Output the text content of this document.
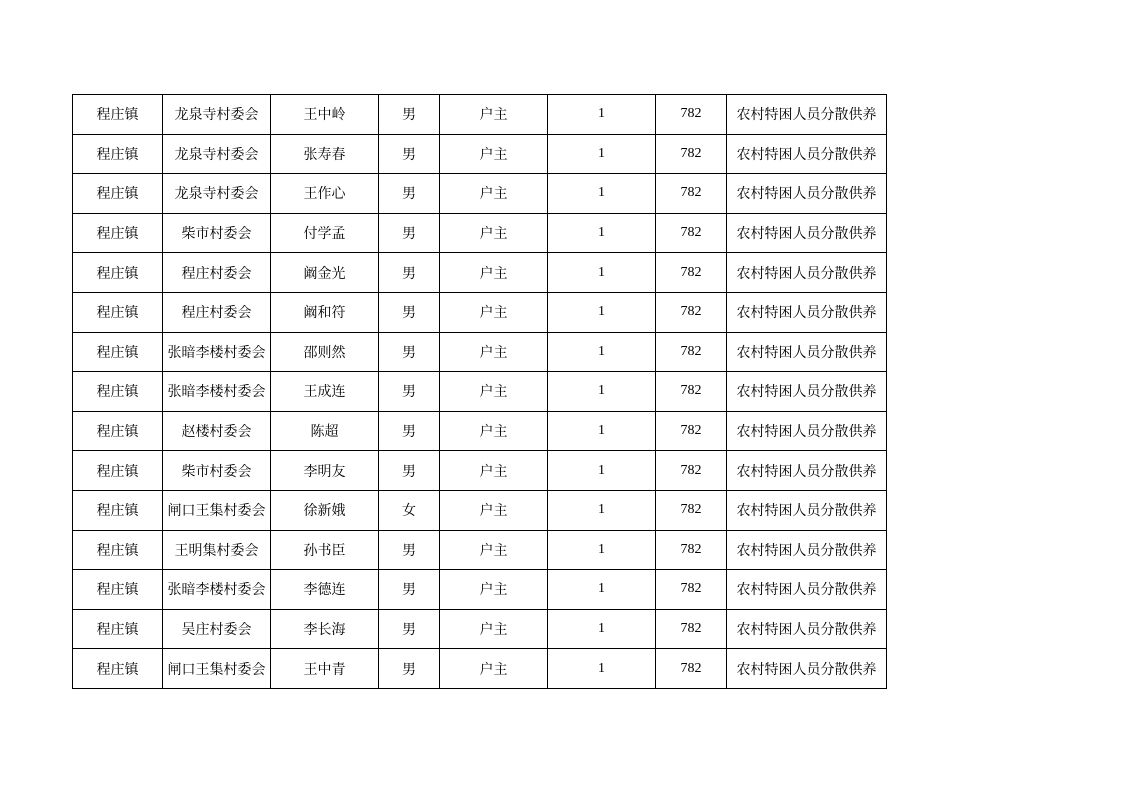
程庄镇	龙泉寺村委会	王中岭	男	户主	1	782	农村特困人员分散供养
程庄镇	龙泉寺村委会	张寿春	男	户主	1	782	农村特困人员分散供养
程庄镇	龙泉寺村委会	王作心	男	户主	1	782	农村特困人员分散供养
程庄镇	柴市村委会	付学孟	男	户主	1	782	农村特困人员分散供养
程庄镇	程庄村委会	阚金光	男	户主	1	782	农村特困人员分散供养
程庄镇	程庄村委会	阚和符	男	户主	1	782	农村特困人员分散供养
程庄镇	张暗李楼村委会	邵则然	男	户主	1	782	农村特困人员分散供养
程庄镇	张暗李楼村委会	王成连	男	户主	1	782	农村特困人员分散供养
程庄镇	赵楼村委会	陈超	男	户主	1	782	农村特困人员分散供养
程庄镇	柴市村委会	李明友	男	户主	1	782	农村特困人员分散供养
程庄镇	闸口王集村委会	徐新娥	女	户主	1	782	农村特困人员分散供养
程庄镇	王明集村委会	孙书臣	男	户主	1	782	农村特困人员分散供养
程庄镇	张暗李楼村委会	李德连	男	户主	1	782	农村特困人员分散供养
程庄镇	吴庄村委会	李长海	男	户主	1	782	农村特困人员分散供养
程庄镇	闸口王集村委会	王中青	男	户主	1	782	农村特困人员分散供养
